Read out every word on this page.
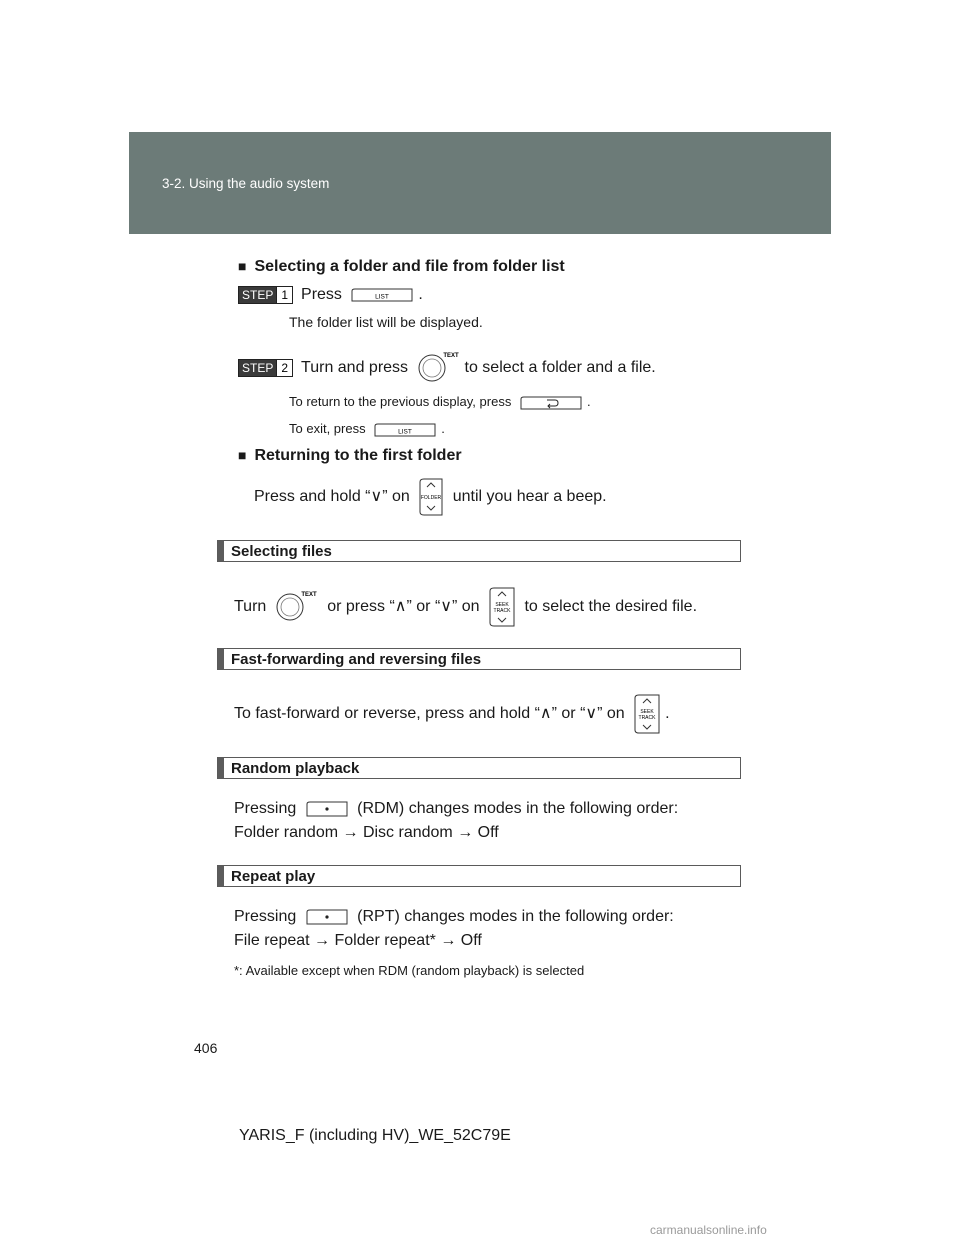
3-2. Using the audio system
■ Selecting a folder and file from folder list
STEP 1 Press	LIST .
The folder list will be displayed.
STEP 2 Turn and press
TEXT
to select a folder and a file.
To return to the previous display, press	.
To exit, press	LIST .
■ Returning to the first folder
Press and hold “∨” on FOLDER until you hear a beep.
Selecting files
Turn
TEXT
or press “∧” or “∨” on	SEEK
TRACK to select the desired file.
Fast-forwarding and reversing files
To fast-forward or reverse, press and hold “∧” or “∨” on	SEEK
TRACK .
Random playback
Pressing	(RDM) changes modes in the following order:
Folder random → Disc random → Off
Repeat play
Pressing	(RPT) changes modes in the following order:
File repeat → Folder repeat* → Off
*: Available except when RDM (random playback) is selected
406
YARIS_F (including HV)_WE_52C79E
carmanualsonline.info
